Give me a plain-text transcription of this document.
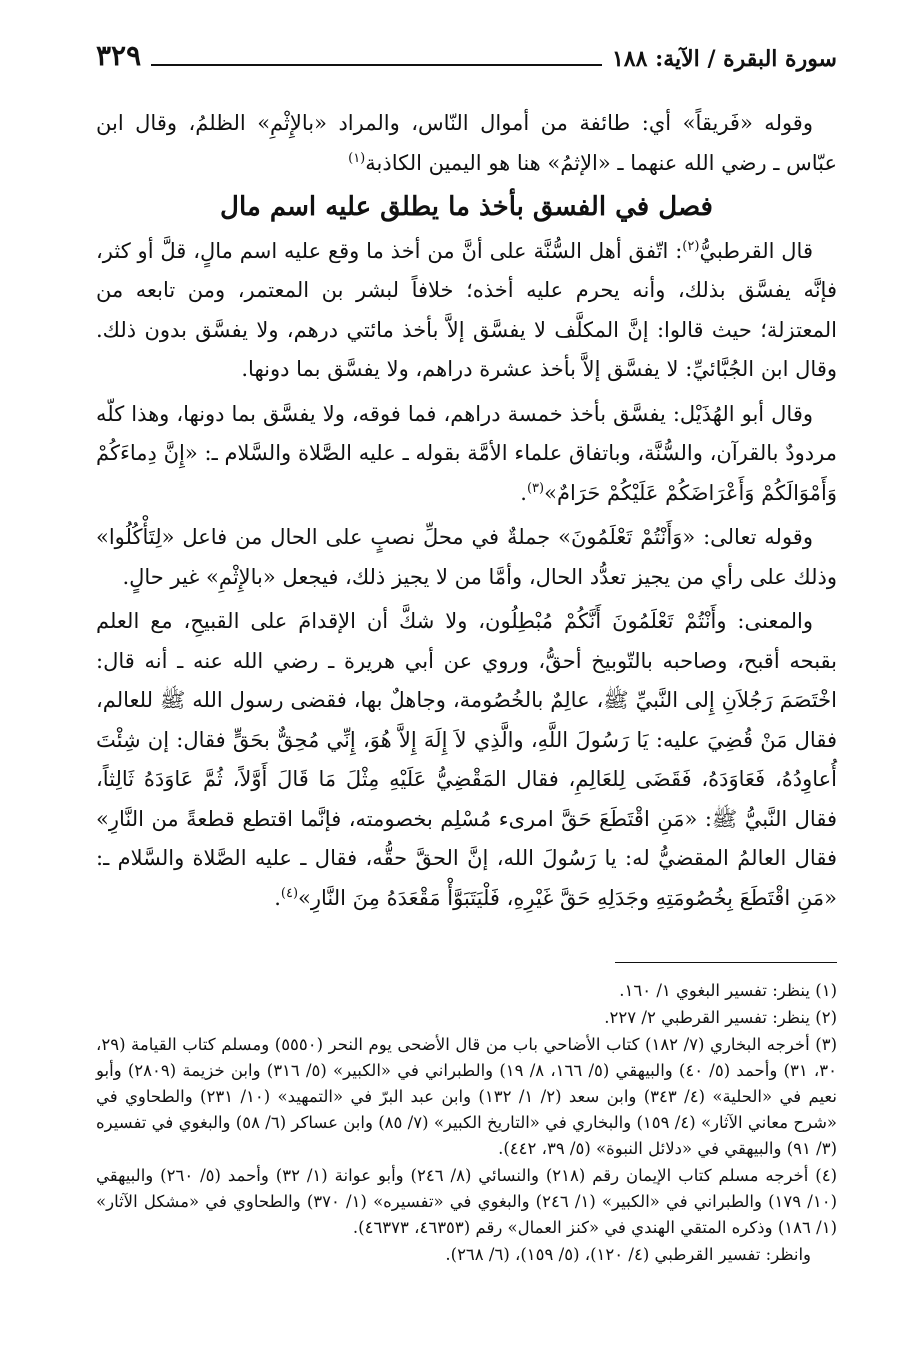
سورة البقرة / الآية: ١٨٨
٣٢٩

وقوله «فَريقاً» أي: طائفة من أموال النّاس، والمراد «بالإِثْمِ» الظلمُ، وقال ابن عبّاس ـ رضي الله عنهما ـ «الإثمُ» هنا هو اليمين الكاذبة$^{(١)}$

فصل في الفسق بأخذ ما يطلق عليه اسم مال

قال القرطبيُّ$^{(٢)}$: اتّفق أهل السُّنَّة على أنَّ من أخذ ما وقع عليه اسم مالٍ، قلَّ أو كثر، فإنَّه يفسَّق بذلك، وأنه يحرم عليه أخذه؛ خلافاً لبشر بن المعتمر، ومن تابعه من المعتزلة؛ حيث قالوا: إنَّ المكلَّف لا يفسَّق إلاَّ بأخذ مائتي درهم، ولا يفسَّق بدون ذلك. وقال ابن الجُبَّائيِّ: لا يفسَّق إلاَّ بأخذ عشرة دراهم، ولا يفسَّق بما دونها.

وقال أبو الهُذَيْل: يفسَّق بأخذ خمسة دراهم، فما فوقه، ولا يفسَّق بما دونها، وهذا كلّه مردودٌ بالقرآن، والسُّنَّة، وباتفاق علماء الأمَّة بقوله ـ عليه الصَّلاة والسَّلام ـ: «إِنَّ دِماءَكُمْ وَأَمْوَالَكُمْ وَأَعْرَاضَكُمْ عَلَيْكُمْ حَرَامٌ»$^{(٣)}$.

وقوله تعالى: «وَأَنْتُمْ تَعْلَمُونَ» جملةٌ في محلِّ نصبٍ على الحال من فاعل «لِتَأْكُلُوا» وذلك على رأي من يجيز تعدُّد الحال، وأمَّا من لا يجيز ذلك، فيجعل «بالإِثْمِ» غير حالٍ.

والمعنى: وأَنْتُمْ تَعْلَمُونَ أَنَّكُمْ مُبْطِلُون، ولا شكَّ أن الإقدامَ على القبيحِ، مع العلم بقبحه أقبح، وصاحبه بالتّوبيخ أحقُّ، وروي عن أبي هريرة ـ رضي الله عنه ـ أنه قال: اخْتَصَمَ رَجُلاَنِ إِلى النَّبيِّ ﷺ، عالِمٌ بالخُصُومة، وجاهلٌ بها، فقضى رسول الله ﷺ للعالم، فقال مَنْ قُضِيَ عليه: يَا رَسُولَ اللَّهِ، والَّذِي لاَ إِلَهَ إِلاَّ هُوَ، إِنِّي مُحِقٌّ بحَقٍّ فقال: إن شِئْتَ أُعاوِدُهُ، فَعَاوَدَهُ، فَقَضَى لِلعَالِمِ، فقال المَقْضِيُّ عَلَيْهِ مِثْلَ مَا قَالَ أَوَّلاً، ثُمَّ عَاوَدَهُ ثَالِثاً، فقال النَّبيُّ ﷺ: «مَنِ اقْتَطَعَ حَقَّ امرىء مُسْلِم بخصومته، فإنَّما اقتطع قطعةً من النَّارِ» فقال العالمُ المقضيُّ له: يا رَسُولَ الله، إنَّ الحقَّ حقُّه، فقال ـ عليه الصَّلاة والسَّلام ـ: «مَنِ اقْتَطَعَ بِخُصُومَتِهِ وجَدَلِهِ حَقَّ غَيْرِهِ، فَلْيَتَبَوَّأْ مَقْعَدَهُ مِنَ النَّارِ»$^{(٤)}$.

(١) ينظر: تفسير البغوي ١/ ١٦٠.
(٢) ينظر: تفسير القرطبي ٢/ ٢٢٧.
(٣) أخرجه البخاري (٧/ ١٨٢) كتاب الأضاحي باب من قال الأضحى يوم النحر (٥٥٥٠) ومسلم كتاب القيامة (٢٩، ٣٠، ٣١) وأحمد (٥/ ٤٠) والبيهقي (٥/ ١٦٦، ٨/ ١٩) والطبراني في «الكبير» (٥/ ٣١٦) وابن خزيمة (٢٨٠٩) وأبو نعيم في «الحلية» (٤/ ٣٤٣) وابن سعد (٢/ ١/ ١٣٢) وابن عبد البرّ في «التمهيد» (١٠/ ٢٣١) والطحاوي في «شرح معاني الآثار» (٤/ ١٥٩) والبخاري في «التاريخ الكبير» (٧/ ٨٥) وابن عساكر (٦/ ٥٨) والبغوي في تفسيره (٣/ ٩١) والبيهقي في «دلائل النبوة» (٥/ ٣٩، ٤٤٢).
(٤) أخرجه مسلم كتاب الإيمان رقم (٢١٨) والنسائي (٨/ ٢٤٦) وأبو عوانة (١/ ٣٢) وأحمد (٥/ ٢٦٠) والبيهقي (١٠/ ١٧٩) والطبراني في «الكبير» (١/ ٢٤٦) والبغوي في «تفسيره» (١/ ٣٧٠) والطحاوي في «مشكل الآثار» (١/ ١٨٦) وذكره المتقي الهندي في «كنز العمال» رقم (٤٦٣٥٣، ٤٦٣٧٣).
وانظر: تفسير القرطبي (٤/ ١٢٠)، (٥/ ١٥٩)، (٦/ ٢٦٨).
